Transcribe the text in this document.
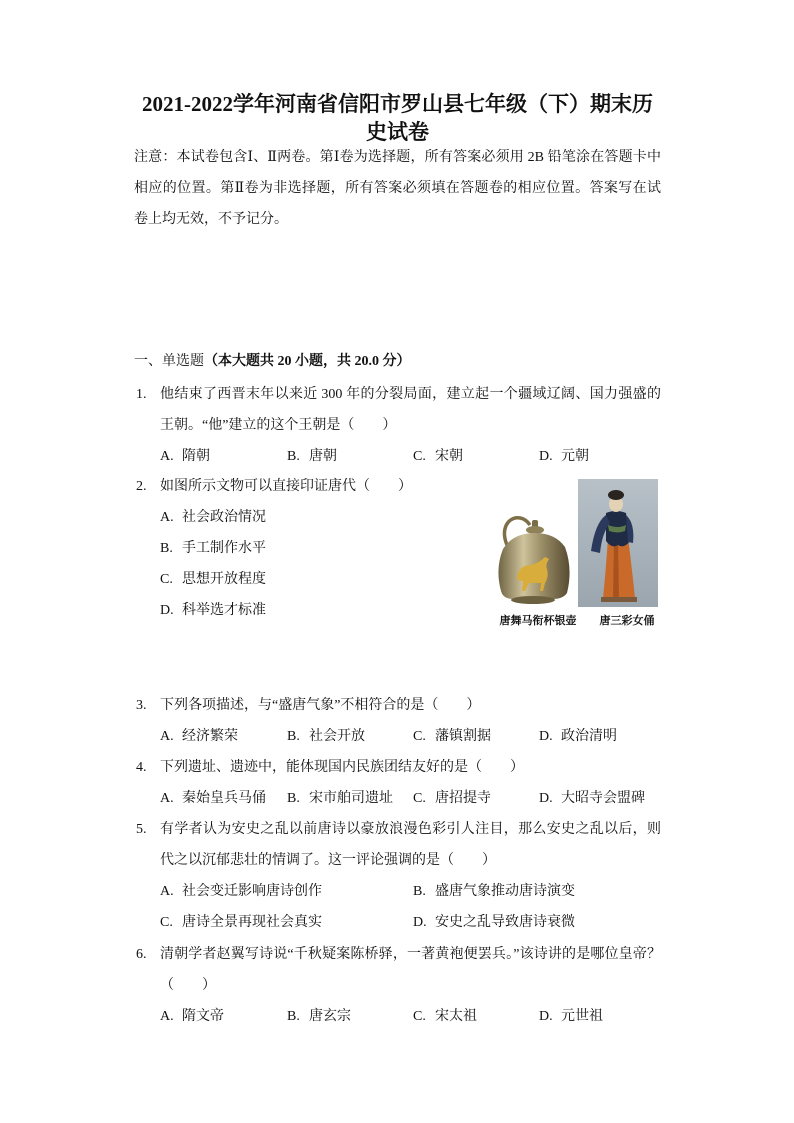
2021-2022学年河南省信阳市罗山县七年级（下）期末历史试卷
注意：本试卷包含Ⅰ、Ⅱ两卷。第Ⅰ卷为选择题，所有答案必须用 2B 铅笔涂在答题卡中相应的位置。第Ⅱ卷为非选择题，所有答案必须填在答题卷的相应位置。答案写在试卷上均无效，不予记分。
一、单选题（本大题共 20 小题，共 20.0 分）
1. 他结束了西晋末年以来近 300 年的分裂局面，建立起一个疆域辽阔、国力强盛的王朝。“他”建立的这个王朝是（　　）
A. 隋朝	B. 唐朝	C. 宋朝	D. 元朝
2. 如图所示文物可以直接印证唐代（　　）
A. 社会政治情况
B. 手工制作水平
C. 思想开放程度
D. 科举选才标准
唐舞马衔杯银壶 唐三彩女俑
3. 下列各项描述，与“盛唐气象”不相符合的是（　　）
A. 经济繁荣	B. 社会开放	C. 藩镇割据	D. 政治清明
4. 下列遗址、遗迹中，能体现国内民族团结友好的是（　　）
A. 秦始皇兵马俑	B. 宋市舶司遗址	C. 唐招提寺	D. 大昭寺会盟碑
5. 有学者认为安史之乱以前唐诗以豪放浪漫色彩引人注目，那么安史之乱以后，则代之以沉郁悲壮的情调了。这一评论强调的是（　　）
A. 社会变迁影响唐诗创作	B. 盛唐气象推动唐诗演变
C. 唐诗全景再现社会真实	D. 安史之乱导致唐诗衰微
6. 清朝学者赵翼写诗说“千秋疑案陈桥驿，一著黄袍便罢兵。”该诗讲的是哪位皇帝？（　　）
A. 隋文帝	B. 唐玄宗	C. 宋太祖	D. 元世祖
